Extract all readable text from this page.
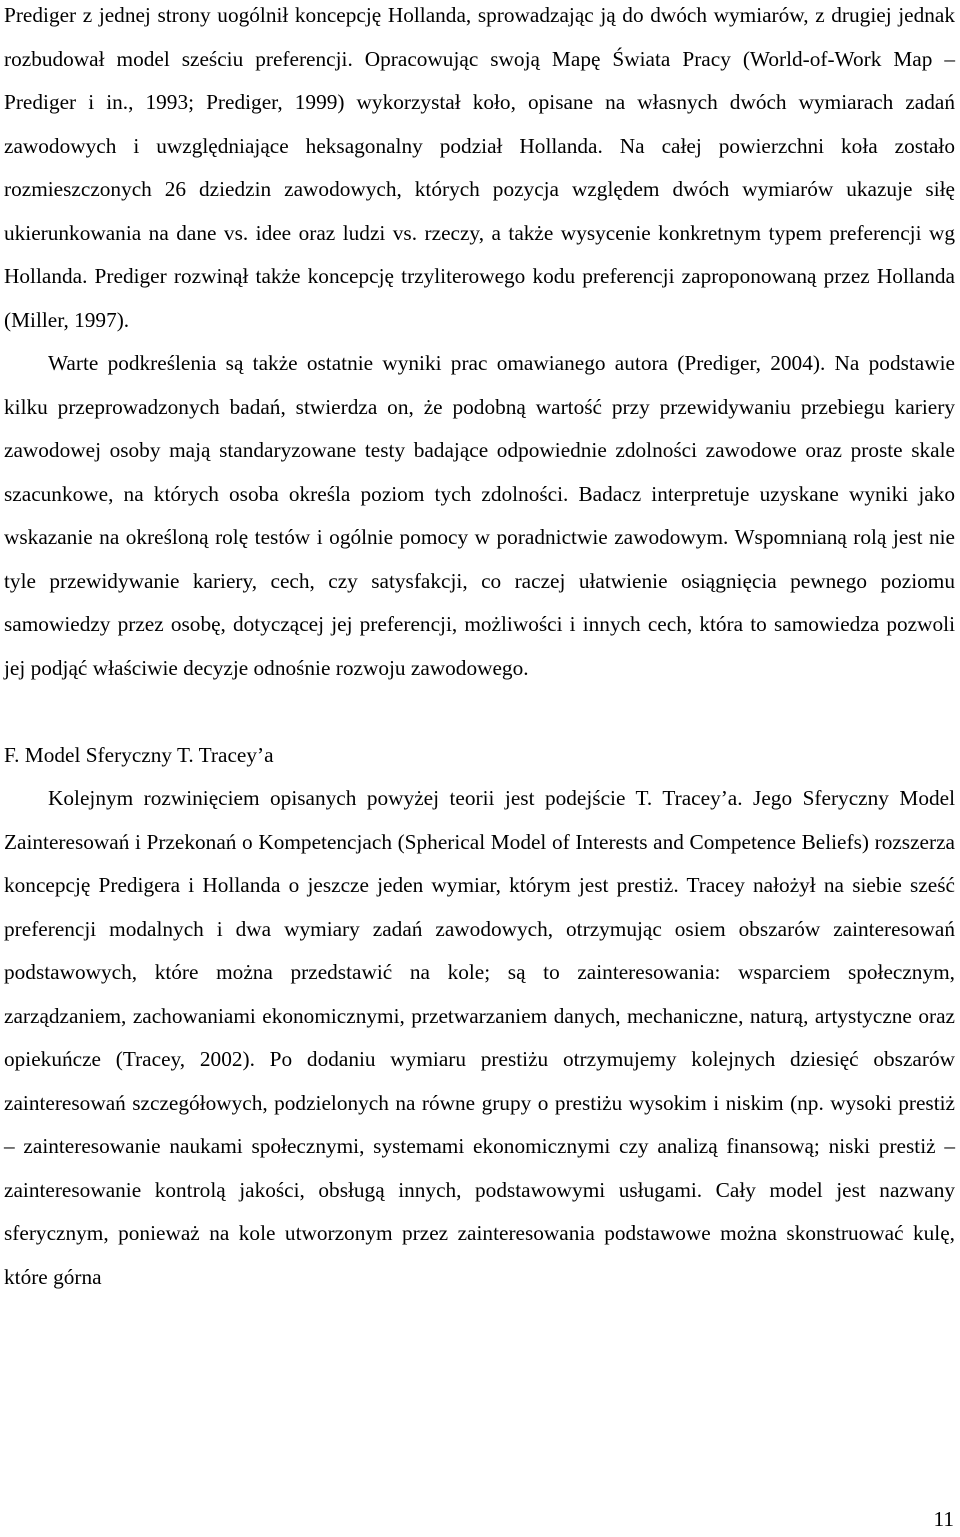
Prediger z jednej strony uogólnił koncepcję Hollanda, sprowadzając ją do dwóch wymiarów, z drugiej jednak rozbudował model sześciu preferencji. Opracowując swoją Mapę Świata Pracy (World-of-Work Map – Prediger i in., 1993; Prediger, 1999) wykorzystał koło, opisane na własnych dwóch wymiarach zadań zawodowych i uwzględniające heksagonalny podział Hollanda. Na całej powierzchni koła zostało rozmieszczonych 26 dziedzin zawodowych, których pozycja względem dwóch wymiarów ukazuje siłę ukierunkowania na dane vs. idee oraz ludzi vs. rzeczy, a także wysycenie konkretnym typem preferencji wg Hollanda. Prediger rozwinął także koncepcję trzyliterowego kodu preferencji zaproponowaną przez Hollanda (Miller, 1997).

Warte podkreślenia są także ostatnie wyniki prac omawianego autora (Prediger, 2004). Na podstawie kilku przeprowadzonych badań, stwierdza on, że podobną wartość przy przewidywaniu przebiegu kariery zawodowej osoby mają standaryzowane testy badające odpowiednie zdolności zawodowe oraz proste skale szacunkowe, na których osoba określa poziom tych zdolności. Badacz interpretuje uzyskane wyniki jako wskazanie na określoną rolę testów i ogólnie pomocy w poradnictwie zawodowym. Wspomnianą rolą jest nie tyle przewidywanie kariery, cech, czy satysfakcji, co raczej ułatwienie osiągnięcia pewnego poziomu samowiedzy przez osobę, dotyczącej jej preferencji, możliwości i innych cech, która to samowiedza pozwoli jej podjąć właściwie decyzje odnośnie rozwoju zawodowego.

F. Model Sferyczny T. Tracey’a

Kolejnym rozwinięciem opisanych powyżej teorii jest podejście T. Tracey’a. Jego Sferyczny Model Zainteresowań i Przekonań o Kompetencjach (Spherical Model of Interests and Competence Beliefs) rozszerza koncepcję Predigera i Hollanda o jeszcze jeden wymiar, którym jest prestiż. Tracey nałożył na siebie sześć preferencji modalnych i dwa wymiary zadań zawodowych, otrzymując osiem obszarów zainteresowań podstawowych, które można przedstawić na kole; są to zainteresowania: wsparciem społecznym, zarządzaniem, zachowaniami ekonomicznymi, przetwarzaniem danych, mechaniczne, naturą, artystyczne oraz opiekuńcze (Tracey, 2002). Po dodaniu wymiaru prestiżu otrzymujemy kolejnych dziesięć obszarów zainteresowań szczegółowych, podzielonych na równe grupy o prestiżu wysokim i niskim (np. wysoki prestiż – zainteresowanie naukami społecznymi, systemami ekonomicznymi czy analizą finansową; niski prestiż – zainteresowanie kontrolą jakości, obsługą innych, podstawowymi usługami. Cały model jest nazwany sferycznym, ponieważ na kole utworzonym przez zainteresowania podstawowe można skonstruować kulę, które górna

11
